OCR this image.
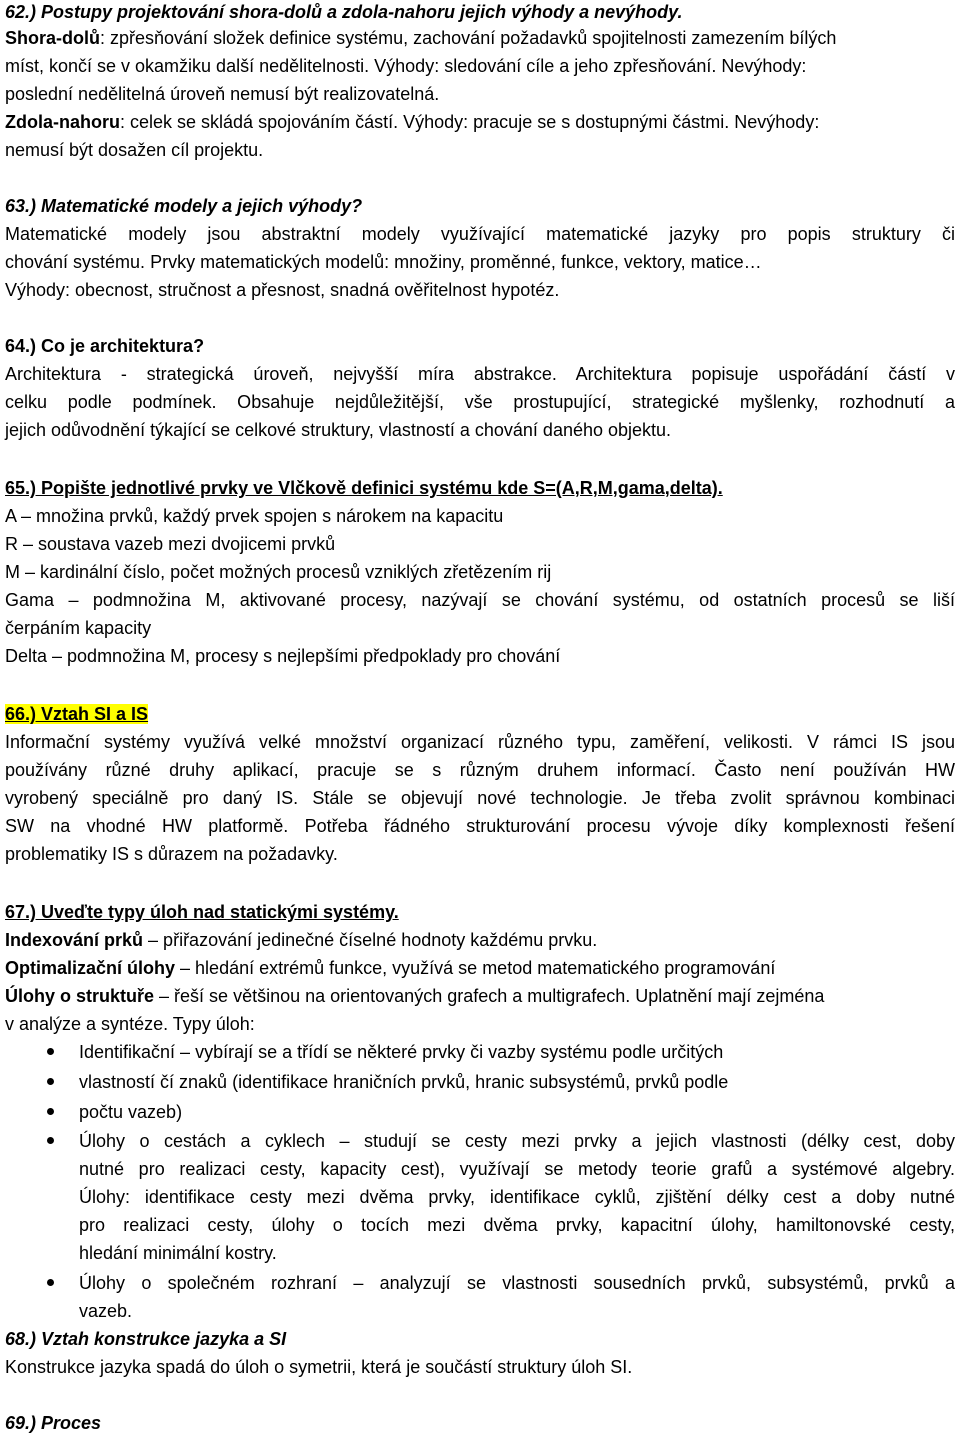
62.) Postupy projektování shora-dolů a zdola-nahoru jejich výhody a nevýhody.
Shora-dolů: zpřesňování složek definice systému, zachování požadavků spojitelnosti zamezením bílých
míst, končí se v okamžiku další nedělitelnosti. Výhody: sledování cíle a jeho zpřesňování. Nevýhody:
poslední nedělitelná úroveň nemusí být realizovatelná.
Zdola-nahoru: celek se skládá spojováním částí. Výhody: pracuje se s dostupnými částmi. Nevýhody:
nemusí být dosažen cíl projektu.
63.) Matematické modely a jejich výhody?
Matematické modely jsou abstraktní modely využívající matematické jazyky pro popis struktury či
chování systému. Prvky matematických modelů: množiny, proměnné, funkce, vektory, matice…
Výhody: obecnost, stručnost a přesnost, snadná ověřitelnost hypotéz.
64.) Co je architektura?
Architektura - strategická úroveň, nejvyšší míra abstrakce. Architektura popisuje uspořádání částí v
celku podle podmínek. Obsahuje nejdůležitější, vše prostupující, strategické myšlenky, rozhodnutí a
jejich odůvodnění týkající se celkové struktury, vlastností a chování daného objektu.
65.) Popište jednotlivé prvky ve Vlčkově definici systému kde S=(A,R,M,gama,delta).
A – množina prvků, každý prvek spojen s nárokem na kapacitu
R – soustava vazeb mezi dvojicemi prvků
M – kardinální číslo, počet možných procesů vzniklých zřetězením rij
Gama – podmnožina M, aktivované procesy, nazývají se chování systému, od ostatních procesů se liší
čerpáním kapacity
Delta – podmnožina M, procesy s nejlepšími předpoklady pro chování
66.) Vztah SI a IS
Informační systémy využívá velké množství organizací různého typu, zaměření, velikosti. V rámci IS jsou
používány různé druhy aplikací, pracuje se s různým druhem informací. Často není používán HW
vyrobený speciálně pro daný IS. Stále se objevují nové technologie. Je třeba zvolit správnou kombinaci
SW na vhodné HW platformě. Potřeba řádného strukturování procesu vývoje díky komplexnosti řešení
problematiky IS s důrazem na požadavky.
67.) Uveďte typy úloh nad statickými systémy.
Indexování prků – přiřazování jedinečné číselné hodnoty každému prvku.
Optimalizační úlohy – hledání extrémů funkce, využívá se metod matematického programování
Úlohy o struktuře – řeší se většinou na orientovaných grafech a multigrafech. Uplatnění mají zejména
v analýze a syntéze. Typy úloh:
Identifikační – vybírají se a třídí se některé prvky či vazby systému podle určitých
vlastností čí znaků (identifikace hraničních prvků, hranic subsystémů, prvků podle
počtu vazeb)
Úlohy o cestách a cyklech – studují se cesty mezi prvky a jejich vlastnosti (délky cest, doby
nutné pro realizaci cesty, kapacity cest), využívají se metody teorie grafů a systémové algebry.
Úlohy: identifikace cesty mezi dvěma prvky, identifikace cyklů, zjištění délky cest a doby nutné
pro realizaci cesty, úlohy o tocích mezi dvěma prvky, kapacitní úlohy, hamiltonovské cesty,
hledání minimální kostry.
Úlohy o společném rozhraní – analyzují se vlastnosti sousedních prvků, subsystémů, prvků a
vazeb.
68.) Vztah konstrukce jazyka a SI
Konstrukce jazyka spadá do úloh o symetrii, která je součástí struktury úloh SI.
69.) Proces
